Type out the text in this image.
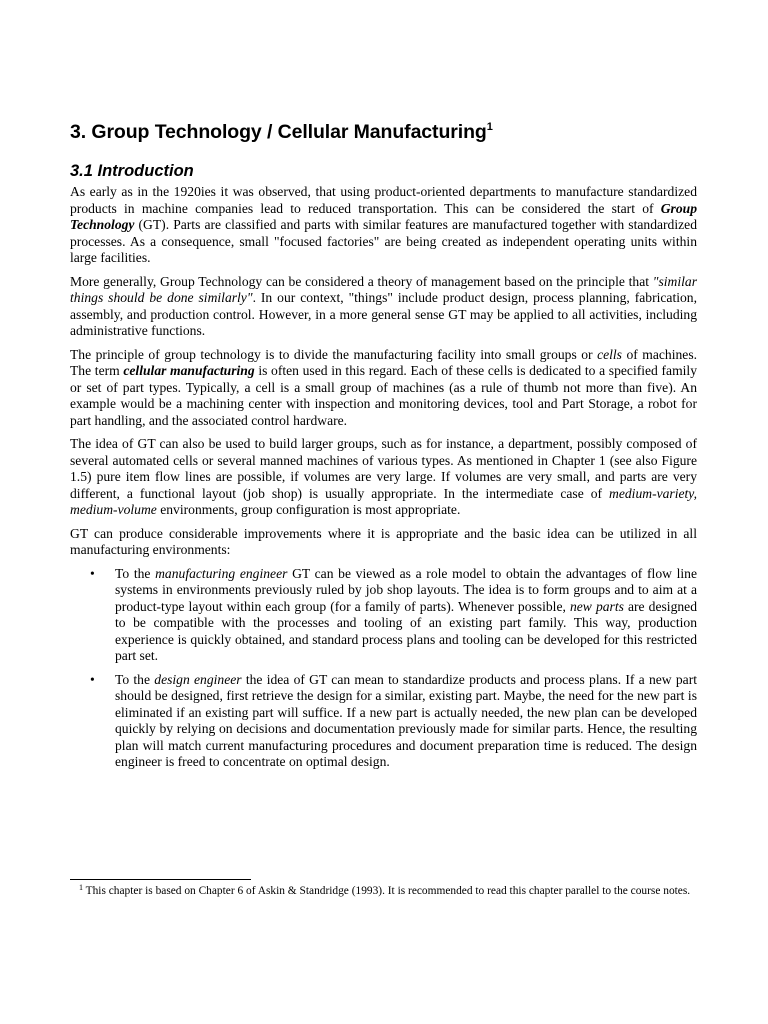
3. Group Technology / Cellular Manufacturing$^1$
3.1 Introduction

As early as in the 1920ies it was observed, that using product-oriented departments to manufacture standardized products in machine companies lead to reduced transportation. This can be considered the start of Group Technology (GT). Parts are classified and parts with similar features are manufactured together with standardized processes. As a consequence, small "focused factories" are being created as independent operating units within large facilities.

More generally, Group Technology can be considered a theory of management based on the principle that "similar things should be done similarly". In our context, "things" include product design, process planning, fabrication, assembly, and production control. However, in a more general sense GT may be applied to all activities, including administrative functions.

The principle of group technology is to divide the manufacturing facility into small groups or cells of machines. The term cellular manufacturing is often used in this regard. Each of these cells is dedicated to a specified family or set of part types. Typically, a cell is a small group of machines (as a rule of thumb not more than five). An example would be a machining center with inspection and monitoring devices, tool and Part Storage, a robot for part handling, and the associated control hardware.

The idea of GT can also be used to build larger groups, such as for instance, a department, possibly composed of several automated cells or several manned machines of various types. As mentioned in Chapter 1 (see also Figure 1.5) pure item flow lines are possible, if volumes are very large. If volumes are very small, and parts are very different, a functional layout (job shop) is usually appropriate. In the intermediate case of medium-variety, medium-volume environments, group configuration is most appropriate.

GT can produce considerable improvements where it is appropriate and the basic idea can be utilized in all manufacturing environments:

• To the manufacturing engineer GT can be viewed as a role model to obtain the advantages of flow line systems in environments previously ruled by job shop layouts. The idea is to form groups and to aim at a product-type layout within each group (for a family of parts). Whenever possible, new parts are designed to be compatible with the processes and tooling of an existing part family. This way, production experience is quickly obtained, and standard process plans and tooling can be developed for this restricted part set.
• To the design engineer the idea of GT can mean to standardize products and process plans. If a new part should be designed, first retrieve the design for a similar, existing part. Maybe, the need for the new part is eliminated if an existing part will suffice. If a new part is actually needed, the new plan can be developed quickly by relying on decisions and documentation previously made for similar parts. Hence, the resulting plan will match current manufacturing procedures and document preparation time is reduced. The design engineer is freed to concentrate on optimal design.
$^1$ This chapter is based on Chapter 6 of Askin & Standridge (1993). It is recommended to read this chapter parallel to the course notes.
